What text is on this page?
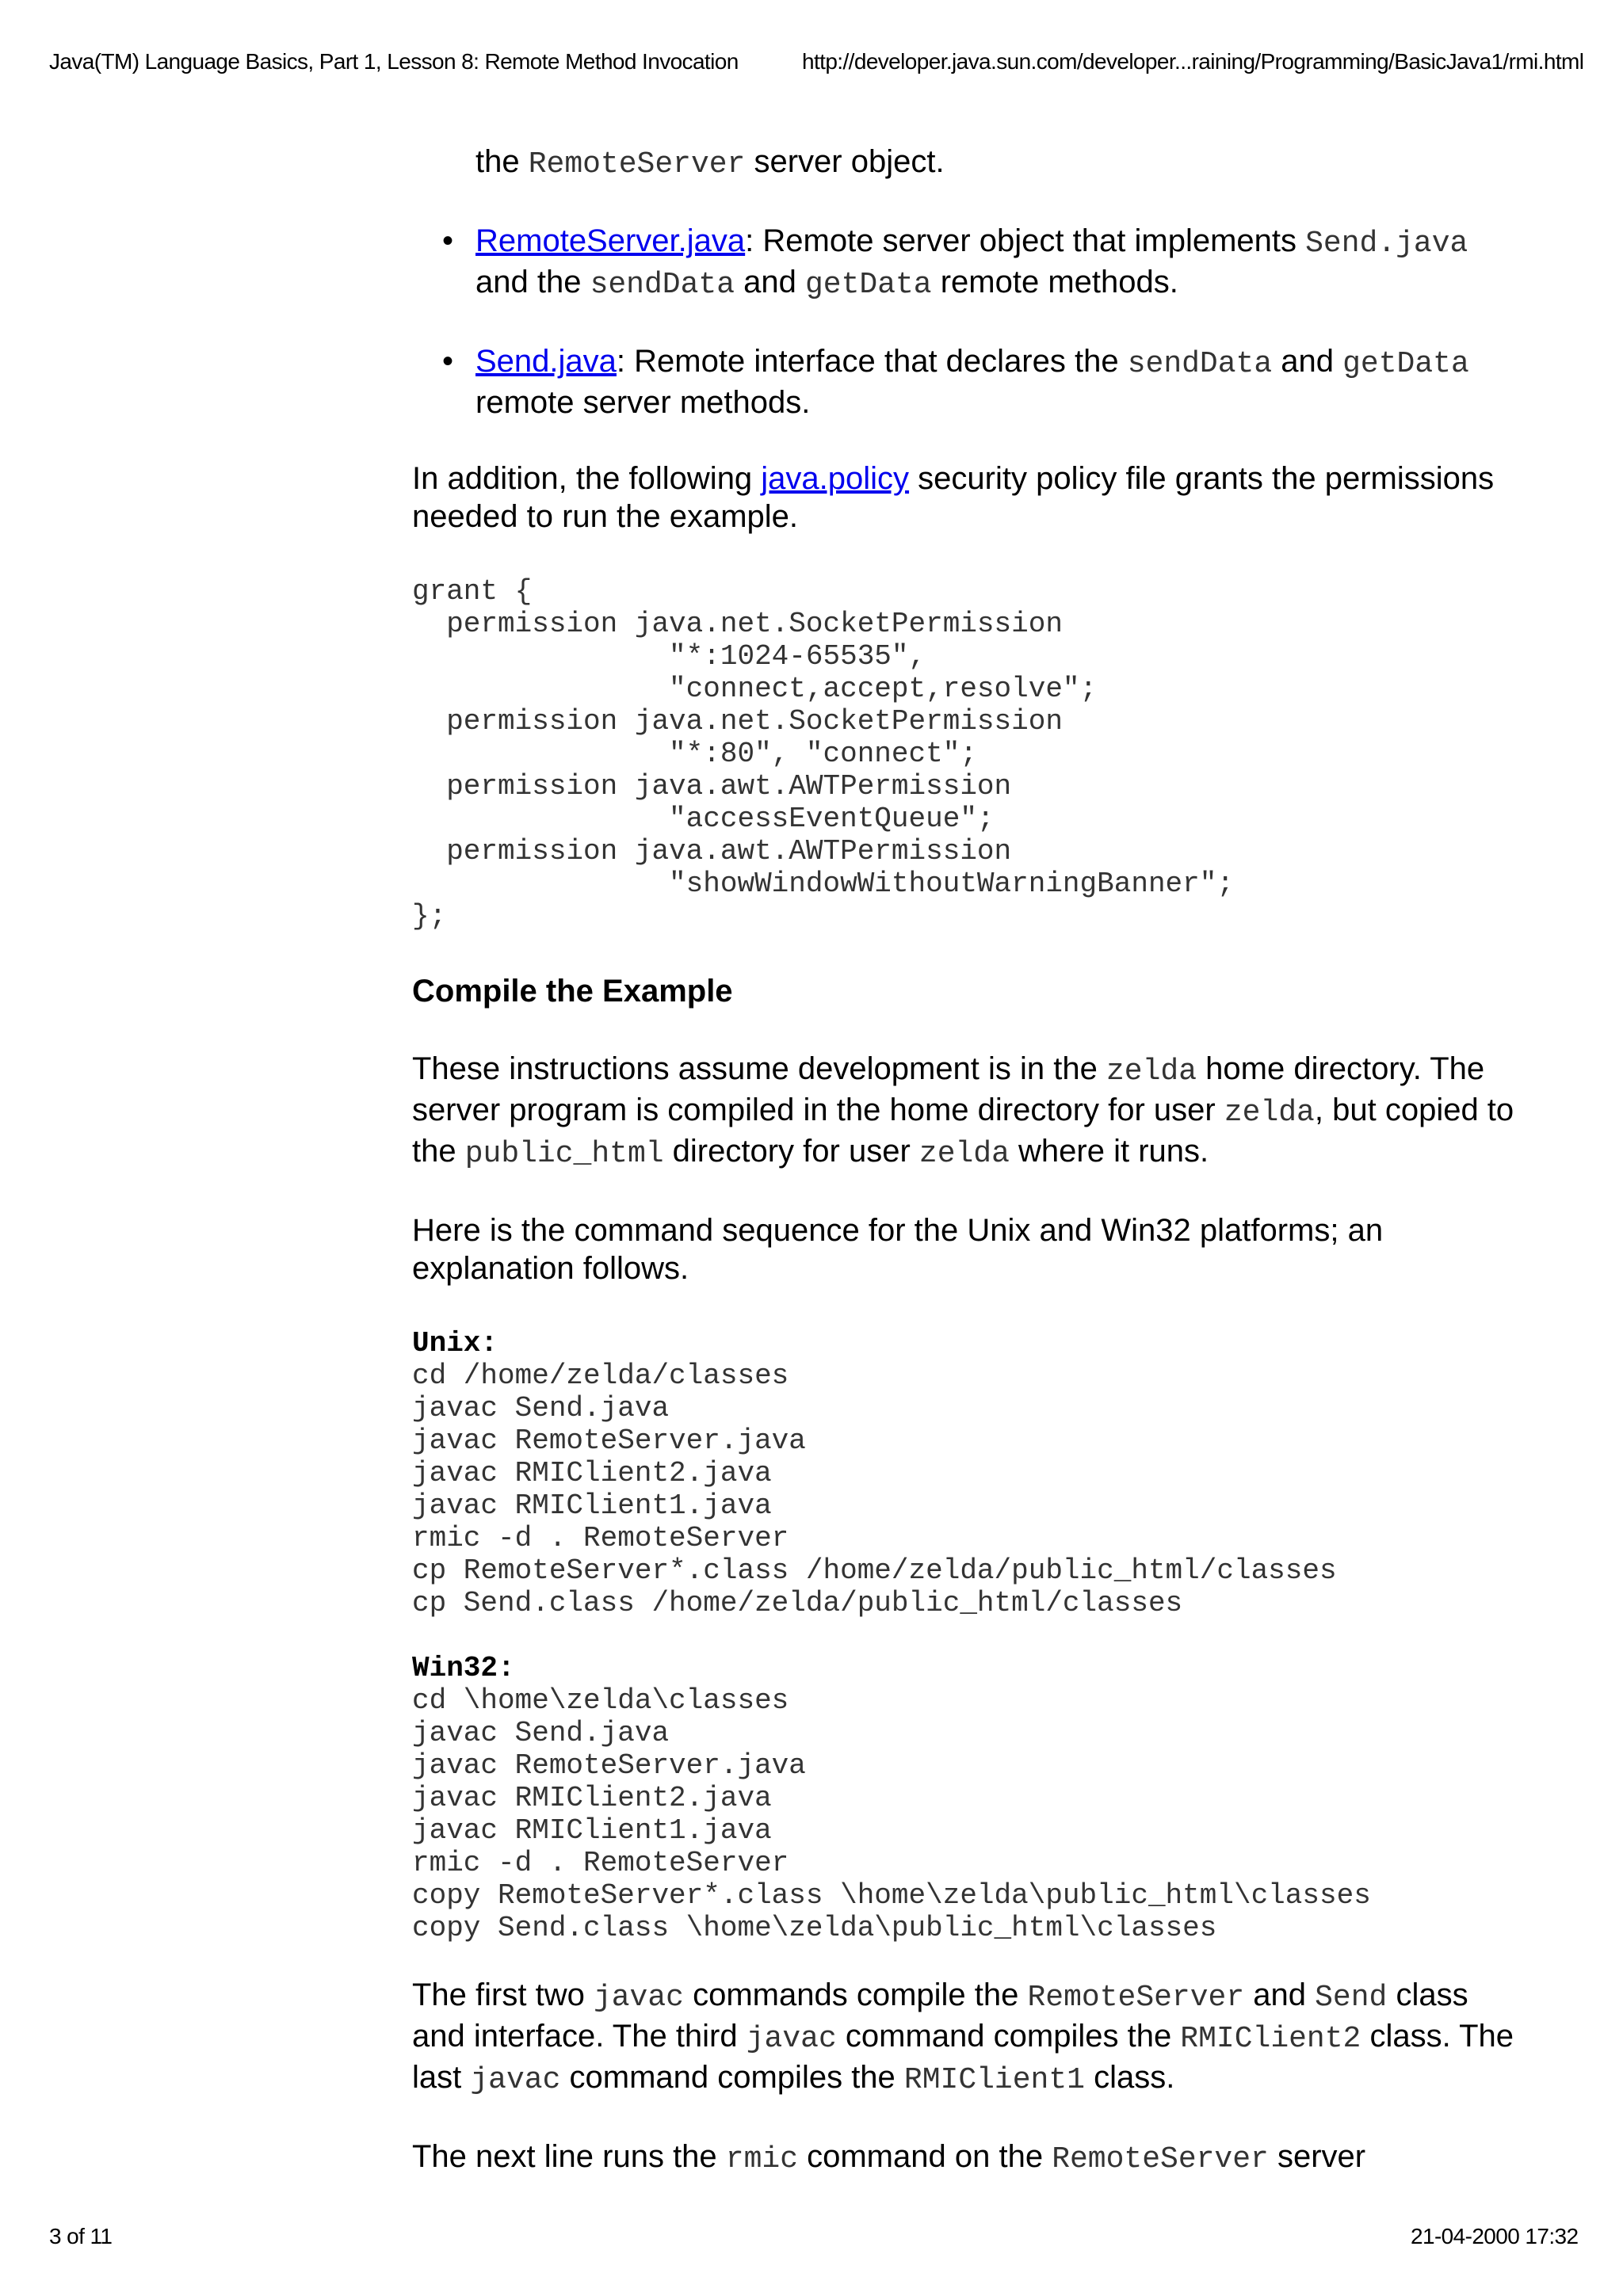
Java(TM) Language Basics, Part 1, Lesson 8: Remote Method Invocation	http://developer.java.sun.com/developer...raining/Programming/BasicJava1/rmi.html

the RemoteServer server object.

• RemoteServer.java: Remote server object that implements Send.java and the sendData and getData remote methods.
• Send.java: Remote interface that declares the sendData and getData remote server methods.

In addition, the following java.policy security policy file grants the permissions needed to run the example.

grant {
permission java.net.SocketPermission
"*:1024-65535",
"connect,accept,resolve";
permission java.net.SocketPermission
"*:80", "connect";
permission java.awt.AWTPermission
"accessEventQueue";
permission java.awt.AWTPermission
"showWindowWithoutWarningBanner";
};
Compile the Example

These instructions assume development is in the zelda home directory. The server program is compiled in the home directory for user zelda, but copied to the public_html directory for user zelda where it runs.

Here is the command sequence for the Unix and Win32 platforms; an explanation follows.

Unix:
cd /home/zelda/classes
javac Send.java
javac RemoteServer.java
javac RMIClient2.java
javac RMIClient1.java
rmic -d . RemoteServer
cp RemoteServer*.class /home/zelda/public_html/classes
cp Send.class /home/zelda/public_html/classes
Win32:
cd \home\zelda\classes
javac Send.java
javac RemoteServer.java
javac RMIClient2.java
javac RMIClient1.java
rmic -d . RemoteServer
copy RemoteServer*.class \home\zelda\public_html\classes
copy Send.class \home\zelda\public_html\classes

The first two javac commands compile the RemoteServer and Send class and interface. The third javac command compiles the RMIClient2 class. The last javac command compiles the RMIClient1 class.

The next line runs the rmic command on the RemoteServer server

3 of 11	21-04-2000 17:32
